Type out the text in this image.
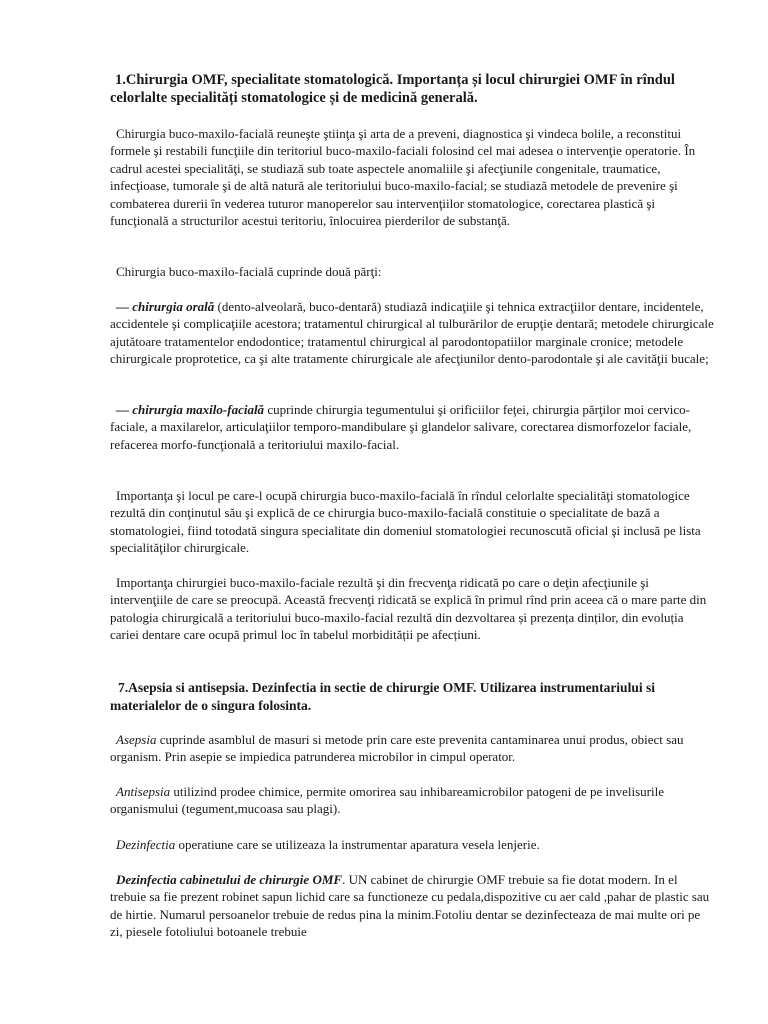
1.Chirurgia OMF, specialitate stomatologică. Importanța și locul chirurgiei OMF în rîndul celorlalte specialități stomatologice și de medicină generală.

Chirurgia buco-maxilo-facială reuneşte ştiinţa şi arta de a preveni, diagnostica şi vindeca bolile, a reconstitui formele şi restabili funcţiile din teritoriul buco-maxilo-faciali folosind cel mai adesea o intervenţie operatorie. În cadrul acestei specialităţi, se studiază sub toate aspectele anomaliile şi afecţiunile congenitale, traumatice, infecţioase, tumorale şi de altă natură ale teritoriului buco-maxilo-facial; se studiază metodele de prevenire şi combaterea durerii în vederea tuturor manoperelor sau intervenţiilor stomatologice, corectarea plastică şi funcţională a structurilor acestui teritoriu, înlocuirea pierderilor de substanţă.

Chirurgia buco-maxilo-facială cuprinde două părţi:

— chirurgia orală (dento-alveolară, buco-dentară) studiază indicaţiile şi tehnica extracţiilor dentare, incidentele, accidentele şi complicaţiile acestora; tratamentul chirurgical al tulburărilor de erupţie dentară; metodele chirurgicale ajutătoare tratamentelor endodontice; tratamentul chirurgical al parodontopatiilor marginale cronice; metodele chirurgicale proprotetice, ca şi alte tratamente chirurgicale ale afecţiunilor dento-parodontale şi ale cavităţii bucale;

— chirurgia maxilo-facială cuprinde chirurgia tegumentului şi orificiilor feţei, chirurgia părţilor moi cervico-faciale, a maxilarelor, articulaţiilor temporo-mandibulare şi glandelor salivare, corectarea dismorfozelor faciale, refacerea morfo-funcţională a teritoriului maxilo-facial.

Importanţa şi locul pe care-l ocupă chirurgia buco-maxilo-facială în rîndul celorlalte specialităţi stomatologice rezultă din conţinutul său şi explică de ce chirurgia buco-maxilo-facială constituie o specialitate de bază a stomatologiei, fiind totodată singura specialitate din domeniul stomatologiei recunoscută oficial şi inclusă pe lista specialităţilor chirurgicale.

Importanţa chirurgiei buco-maxilo-faciale rezultă şi din frecvenţa ridicată po care o deţin afecţiunile şi intervenţiile de care se preocupă. Această frecvenţi ridicată se explică în primul rînd prin aceea că o mare parte din patologia chirurgicală a teritoriului buco-maxilo-facial rezultă din dezvoltarea și prezența dinților, din evoluția cariei dentare care ocupă primul loc în tabelul morbidității pe afecțiuni.

7.Asepsia si antisepsia. Dezinfectia in sectie de chirurgie OMF. Utilizarea instrumentariului si materialelor de o singura folosinta.

Asepsia cuprinde asamblul de masuri si metode prin care este prevenita cantaminarea unui produs, obiect sau organism. Prin asepie se impiedica patrunderea microbilor in cimpul operator.

Antisepsia utilizind prodee chimice, permite omorirea sau inhibareamicrobilor patogeni de pe invelisurile organismului (tegument,mucoasa sau plagi).

Dezinfectia operatiune care se utilizeaza la instrumentar aparatura vesela lenjerie.

Dezinfectia cabinetului de chirurgie OMF. UN cabinet de chirurgie OMF trebuie sa fie dotat modern. In el trebuie sa fie prezent robinet sapun lichid care sa functioneze cu pedala,dispozitive cu aer cald ,pahar de plastic sau de hirtie. Numarul persoanelor trebuie de redus pina la minim.Fotoliu dentar se dezinfecteaza de mai multe ori pe zi, piesele fotoliului botoanele trebuie
